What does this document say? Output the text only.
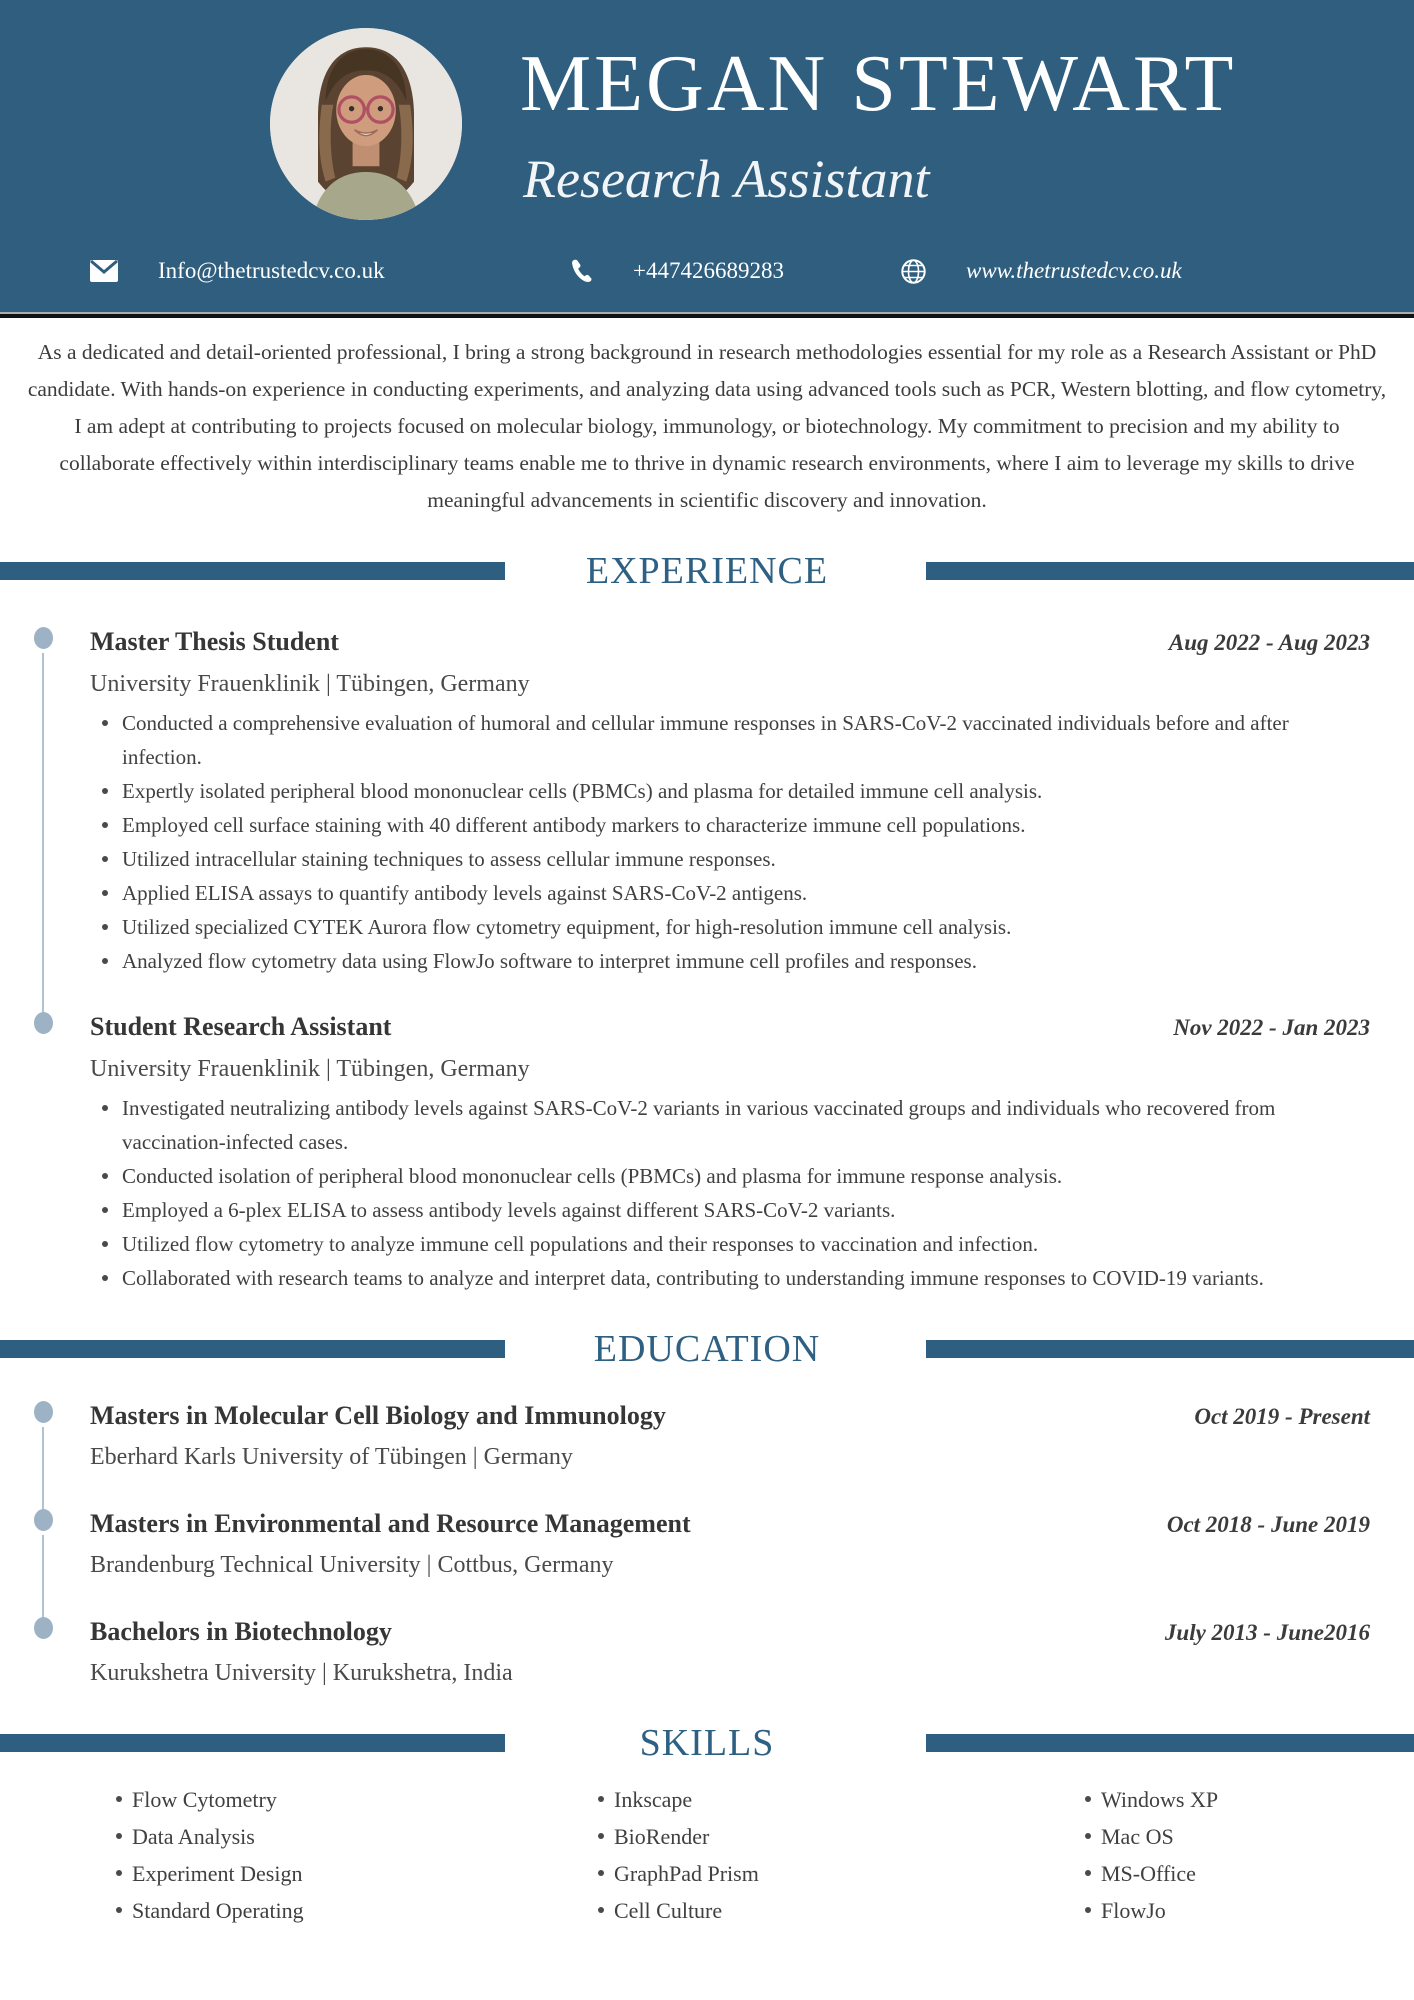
MEGAN STEWART
Research Assistant
Info@thetrustedcv.co.uk	+447426689283	www.thetrustedcv.co.uk

As a dedicated and detail-oriented professional, I bring a strong background in research methodologies essential for my role as a Research Assistant or PhD candidate. With hands-on experience in conducting experiments, and analyzing data using advanced tools such as PCR, Western blotting, and flow cytometry, I am adept at contributing to projects focused on molecular biology, immunology, or biotechnology. My commitment to precision and my ability to collaborate effectively within interdisciplinary teams enable me to thrive in dynamic research environments, where I aim to leverage my skills to drive meaningful advancements in scientific discovery and innovation.

EXPERIENCE
Master Thesis Student	Aug 2022 - Aug 2023
University Frauenklinik | Tübingen, Germany
Conducted a comprehensive evaluation of humoral and cellular immune responses in SARS-CoV-2 vaccinated individuals before and after infection.
Expertly isolated peripheral blood mononuclear cells (PBMCs) and plasma for detailed immune cell analysis.
Employed cell surface staining with 40 different antibody markers to characterize immune cell populations.
Utilized intracellular staining techniques to assess cellular immune responses.
Applied ELISA assays to quantify antibody levels against SARS-CoV-2 antigens.
Utilized specialized CYTEK Aurora flow cytometry equipment, for high-resolution immune cell analysis.
Analyzed flow cytometry data using FlowJo software to interpret immune cell profiles and responses.
Student Research Assistant	Nov 2022 - Jan 2023
University Frauenklinik | Tübingen, Germany
Investigated neutralizing antibody levels against SARS-CoV-2 variants in various vaccinated groups and individuals who recovered from vaccination-infected cases.
Conducted isolation of peripheral blood mononuclear cells (PBMCs) and plasma for immune response analysis.
Employed a 6-plex ELISA to assess antibody levels against different SARS-CoV-2 variants.
Utilized flow cytometry to analyze immune cell populations and their responses to vaccination and infection.
Collaborated with research teams to analyze and interpret data, contributing to understanding immune responses to COVID-19 variants.
EDUCATION
Masters in Molecular Cell Biology and Immunology	Oct 2019 - Present
Eberhard Karls University of Tübingen | Germany
Masters in Environmental and Resource Management	Oct 2018 - June 2019
Brandenburg Technical University | Cottbus, Germany
Bachelors in Biotechnology	July 2013 - June2016
Kurukshetra University | Kurukshetra, India
SKILLS
Flow Cytometry
Data Analysis
Experiment Design
Standard Operating
Inkscape
BioRender
GraphPad Prism
Cell Culture
Windows XP
Mac OS
MS-Office
FlowJo
